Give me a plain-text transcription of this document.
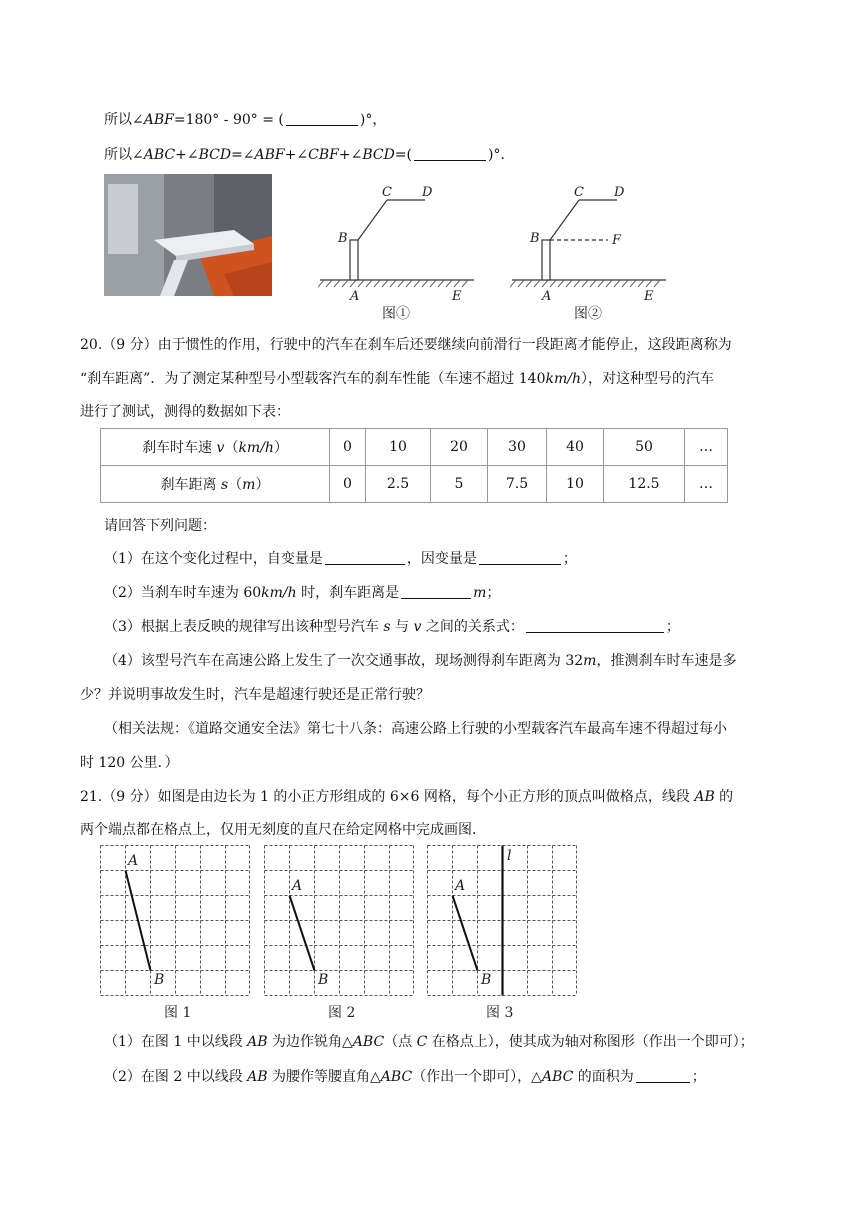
所以∠ABF=180° - 90° = (	)°，
所以∠ABC+∠BCD=∠ABF+∠CBF+∠BCD=(	)°．
B
C D
A	E
图①
B	F
C D
A	E
图②
20.（9 分）由于惯性的作用，行驶中的汽车在刹车后还要继续向前滑行一段距离才能停止，这段距离称为
“刹车距离”．为了测定某种型号小型载客汽车的刹车性能（车速不超过 140km/h），对这种型号的汽车
进行了测试，测得的数据如下表：
刹车时车速 v（km/h）	0	10	20	30	40	50	…
刹车距离 s（m）	0	2.5	5	7.5	10	12.5	…
请回答下列问题：
（1）在这个变化过程中，自变量是	，因变量是	；
（2）当刹车时车速为 60km/h 时，刹车距离是	m；
（3）根据上表反映的规律写出该种型号汽车 s 与 v 之间的关系式：	；
（4）该型号汽车在高速公路上发生了一次交通事故，现场测得刹车距离为 32m，推测刹车时车速是多
少？并说明事故发生时，汽车是超速行驶还是正常行驶？
（相关法规：《道路交通安全法》第七十八条：高速公路上行驶的小型载客汽车最高车速不得超过每小
时 120 公里．）
21.（9 分）如图是由边长为 1 的小正方形组成的 6×6 网格，每个小正方形的顶点叫做格点，线段 AB 的
两个端点都在格点上，仅用无刻度的直尺在给定网格中完成画图．
A
B
图 1
A
B
图 2
A
B
l
图 3
（1）在图 1 中以线段 AB 为边作锐角△ABC（点 C 在格点上），使其成为轴对称图形（作出一个即可）；
（2）在图 2 中以线段 AB 为腰作等腰直角△ABC（作出一个即可），△ABC 的面积为	；
